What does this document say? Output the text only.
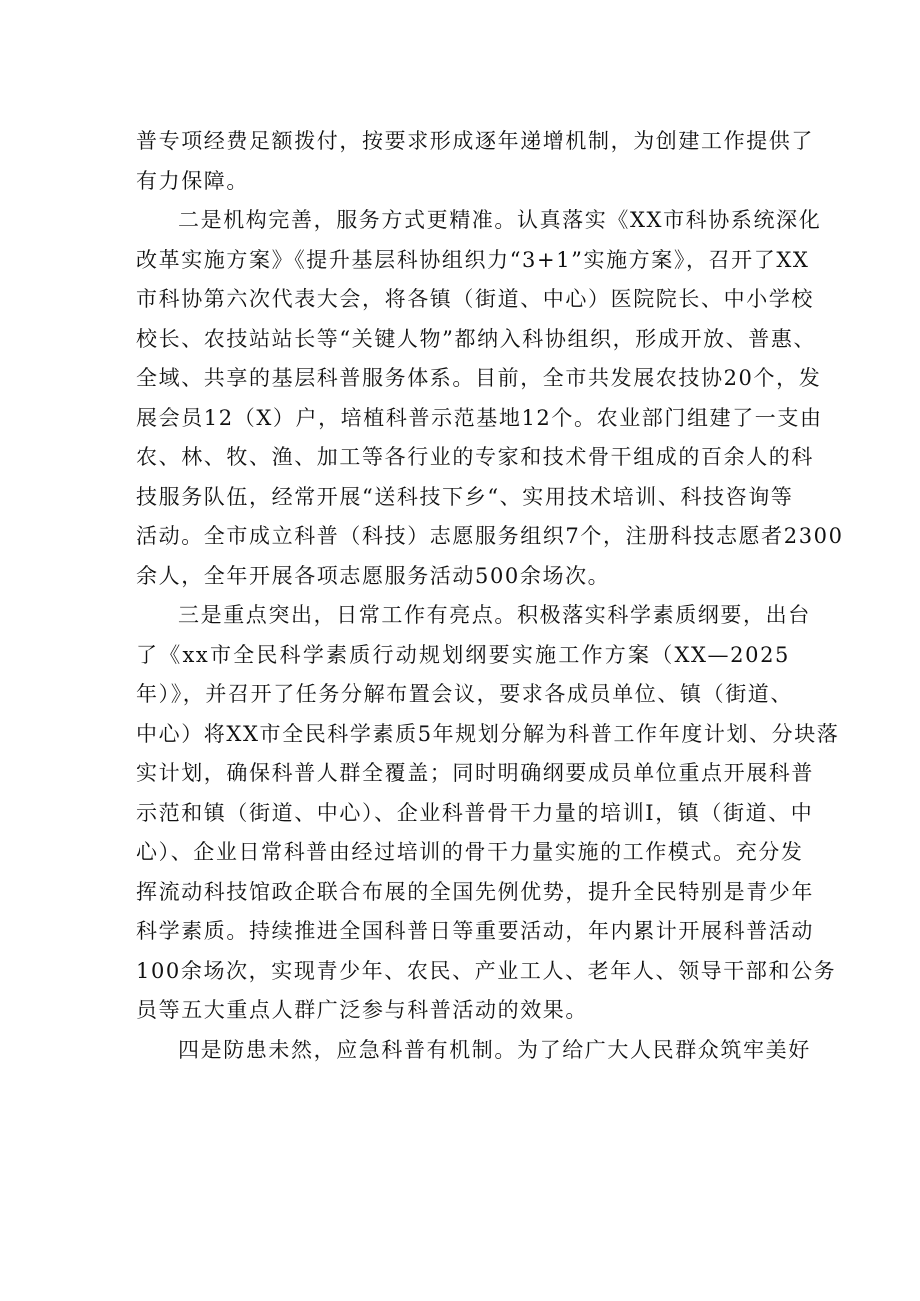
普专项经费足额拨付，按要求形成逐年递增机制，为创建工作提供了
有力保障。
二是机构完善，服务方式更精准。认真落实《XX市科协系统深化
改革实施方案》《提升基层科协组织力“3+1”实施方案》，召开了XX
市科协第六次代表大会，将各镇（街道、中心）医院院长、中小学校
校长、农技站站长等“关键人物”都纳入科协组织，形成开放、普惠、
全域、共享的基层科普服务体系。目前，全市共发展农技协20个，发
展会员12（X）户，培植科普示范基地12个。农业部门组建了一支由
农、林、牧、渔、加工等各行业的专家和技术骨干组成的百余人的科
技服务队伍，经常开展“送科技下乡“、实用技术培训、科技咨询等
活动。全市成立科普（科技）志愿服务组织7个，注册科技志愿者2300
余人，全年开展各项志愿服务活动500余场次。
三是重点突出，日常工作有亮点。积极落实科学素质纲要，出台
了《xx市全民科学素质行动规划纲要实施工作方案（XX—2025
年）》，并召开了任务分解布置会议，要求各成员单位、镇（街道、
中心）将XX市全民科学素质5年规划分解为科普工作年度计划、分块落
实计划，确保科普人群全覆盖；同时明确纲要成员单位重点开展科普
示范和镇（街道、中心）、企业科普骨干力量的培训I，镇（街道、中
心）、企业日常科普由经过培训的骨干力量实施的工作模式。充分发
挥流动科技馆政企联合布展的全国先例优势，提升全民特别是青少年
科学素质。持续推进全国科普日等重要活动，年内累计开展科普活动
100余场次，实现青少年、农民、产业工人、老年人、领导干部和公务
员等五大重点人群广泛参与科普活动的效果。
四是防患未然，应急科普有机制。为了给广大人民群众筑牢美好
